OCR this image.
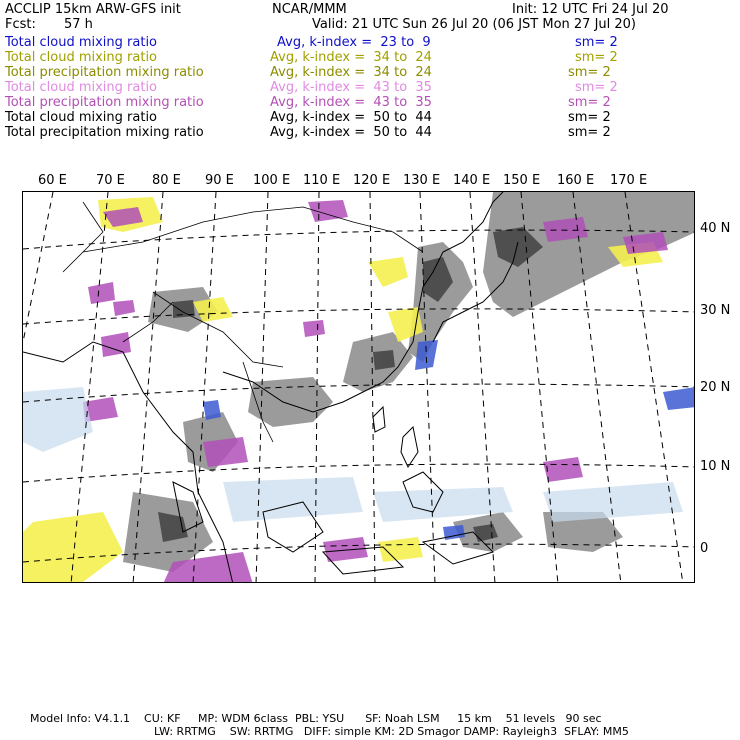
ACCLIP 15km ARW-GFS init	NCAR/MMM	Init: 12 UTC Fri 24 Jul 20
Fcst: 57 h	Valid: 21 UTC Sun 26 Jul 20 (06 JST Mon 27 Jul 20)
Total cloud mixing ratio	Avg, k-index =  23 to  9	sm= 2
Total cloud mixing ratio	Avg, k-index =  34 to  24	sm= 2
Total precipitation mixing ratio	Avg, k-index =  34 to  24	sm= 2
Total cloud mixing ratio	Avg, k-index =  43 to  35	sm= 2
Total precipitation mixing ratio	Avg, k-index =  43 to  35	sm= 2
Total cloud mixing ratio	Avg, k-index =  50 to  44	sm= 2
Total precipitation mixing ratio	Avg, k-index =  50 to  44	sm= 2
60 E 70 E 80 E 90 E 100 E 110 E 120 E 130 E 140 E 150 E 160 E 170 E
40 N
30 N
20 N
10 N
0
Model Info: V4.1.1    CU: KF     MP: WDM 6class  PBL: YSU      SF: Noah LSM     15 km    51 levels   90 sec
LW: RRTMG    SW: RRTMG   DIFF: simple KM: 2D Smagor DAMP: Rayleigh3  SFLAY: MM5
